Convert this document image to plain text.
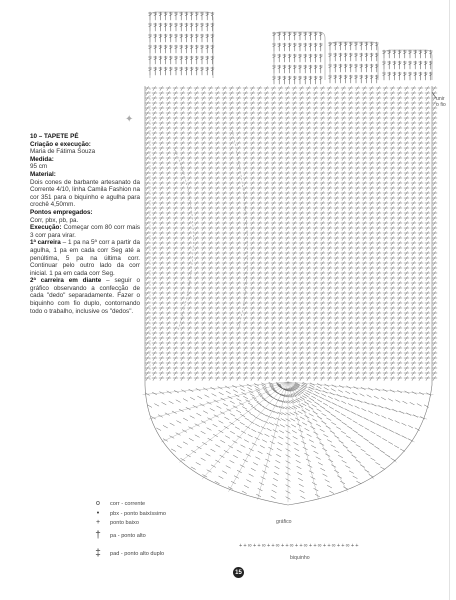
✦

10 – TAPETE PÉ

Criação e execução:

Maria de Fátima Souza

Medida:

95 cm

Material:

Dois cones de barbante artesanato da Corrente 4/10, linha Camila Fashion na cor 351 para o biquinho e agulha para crochê 4,50mm.

Pontos empregados:

Corr, pbx, pb, pa.

Execução: Começar com 80 corr mais 3 corr para virar.

1ª carreira – 1 pa na 5ª corr a partir da agulha, 1 pa em cada corr Seg até a penúltima, 5 pa na última corr. Continuar pelo outro lado da corr inicial. 1 pa em cada corr Seg.

2ª carreira em diante – seguir o gráfico observando a confecção de cada "dedo" separadamente. Fazer o biquinho com fio duplo, contornando todo o trabalho, inclusive os "dedos".

unir
o fio
gráfico
+ + ∞ + + ∞ + + ∞ + + ∞ + + ∞ + + ∞ + + ∞ + + ∞ + +
biquinho
o	corr - corrente
•	pbx - ponto baixíssimo
+	ponto baixo
†	pa - ponto alto
‡	pad - ponto alto duplo
15
